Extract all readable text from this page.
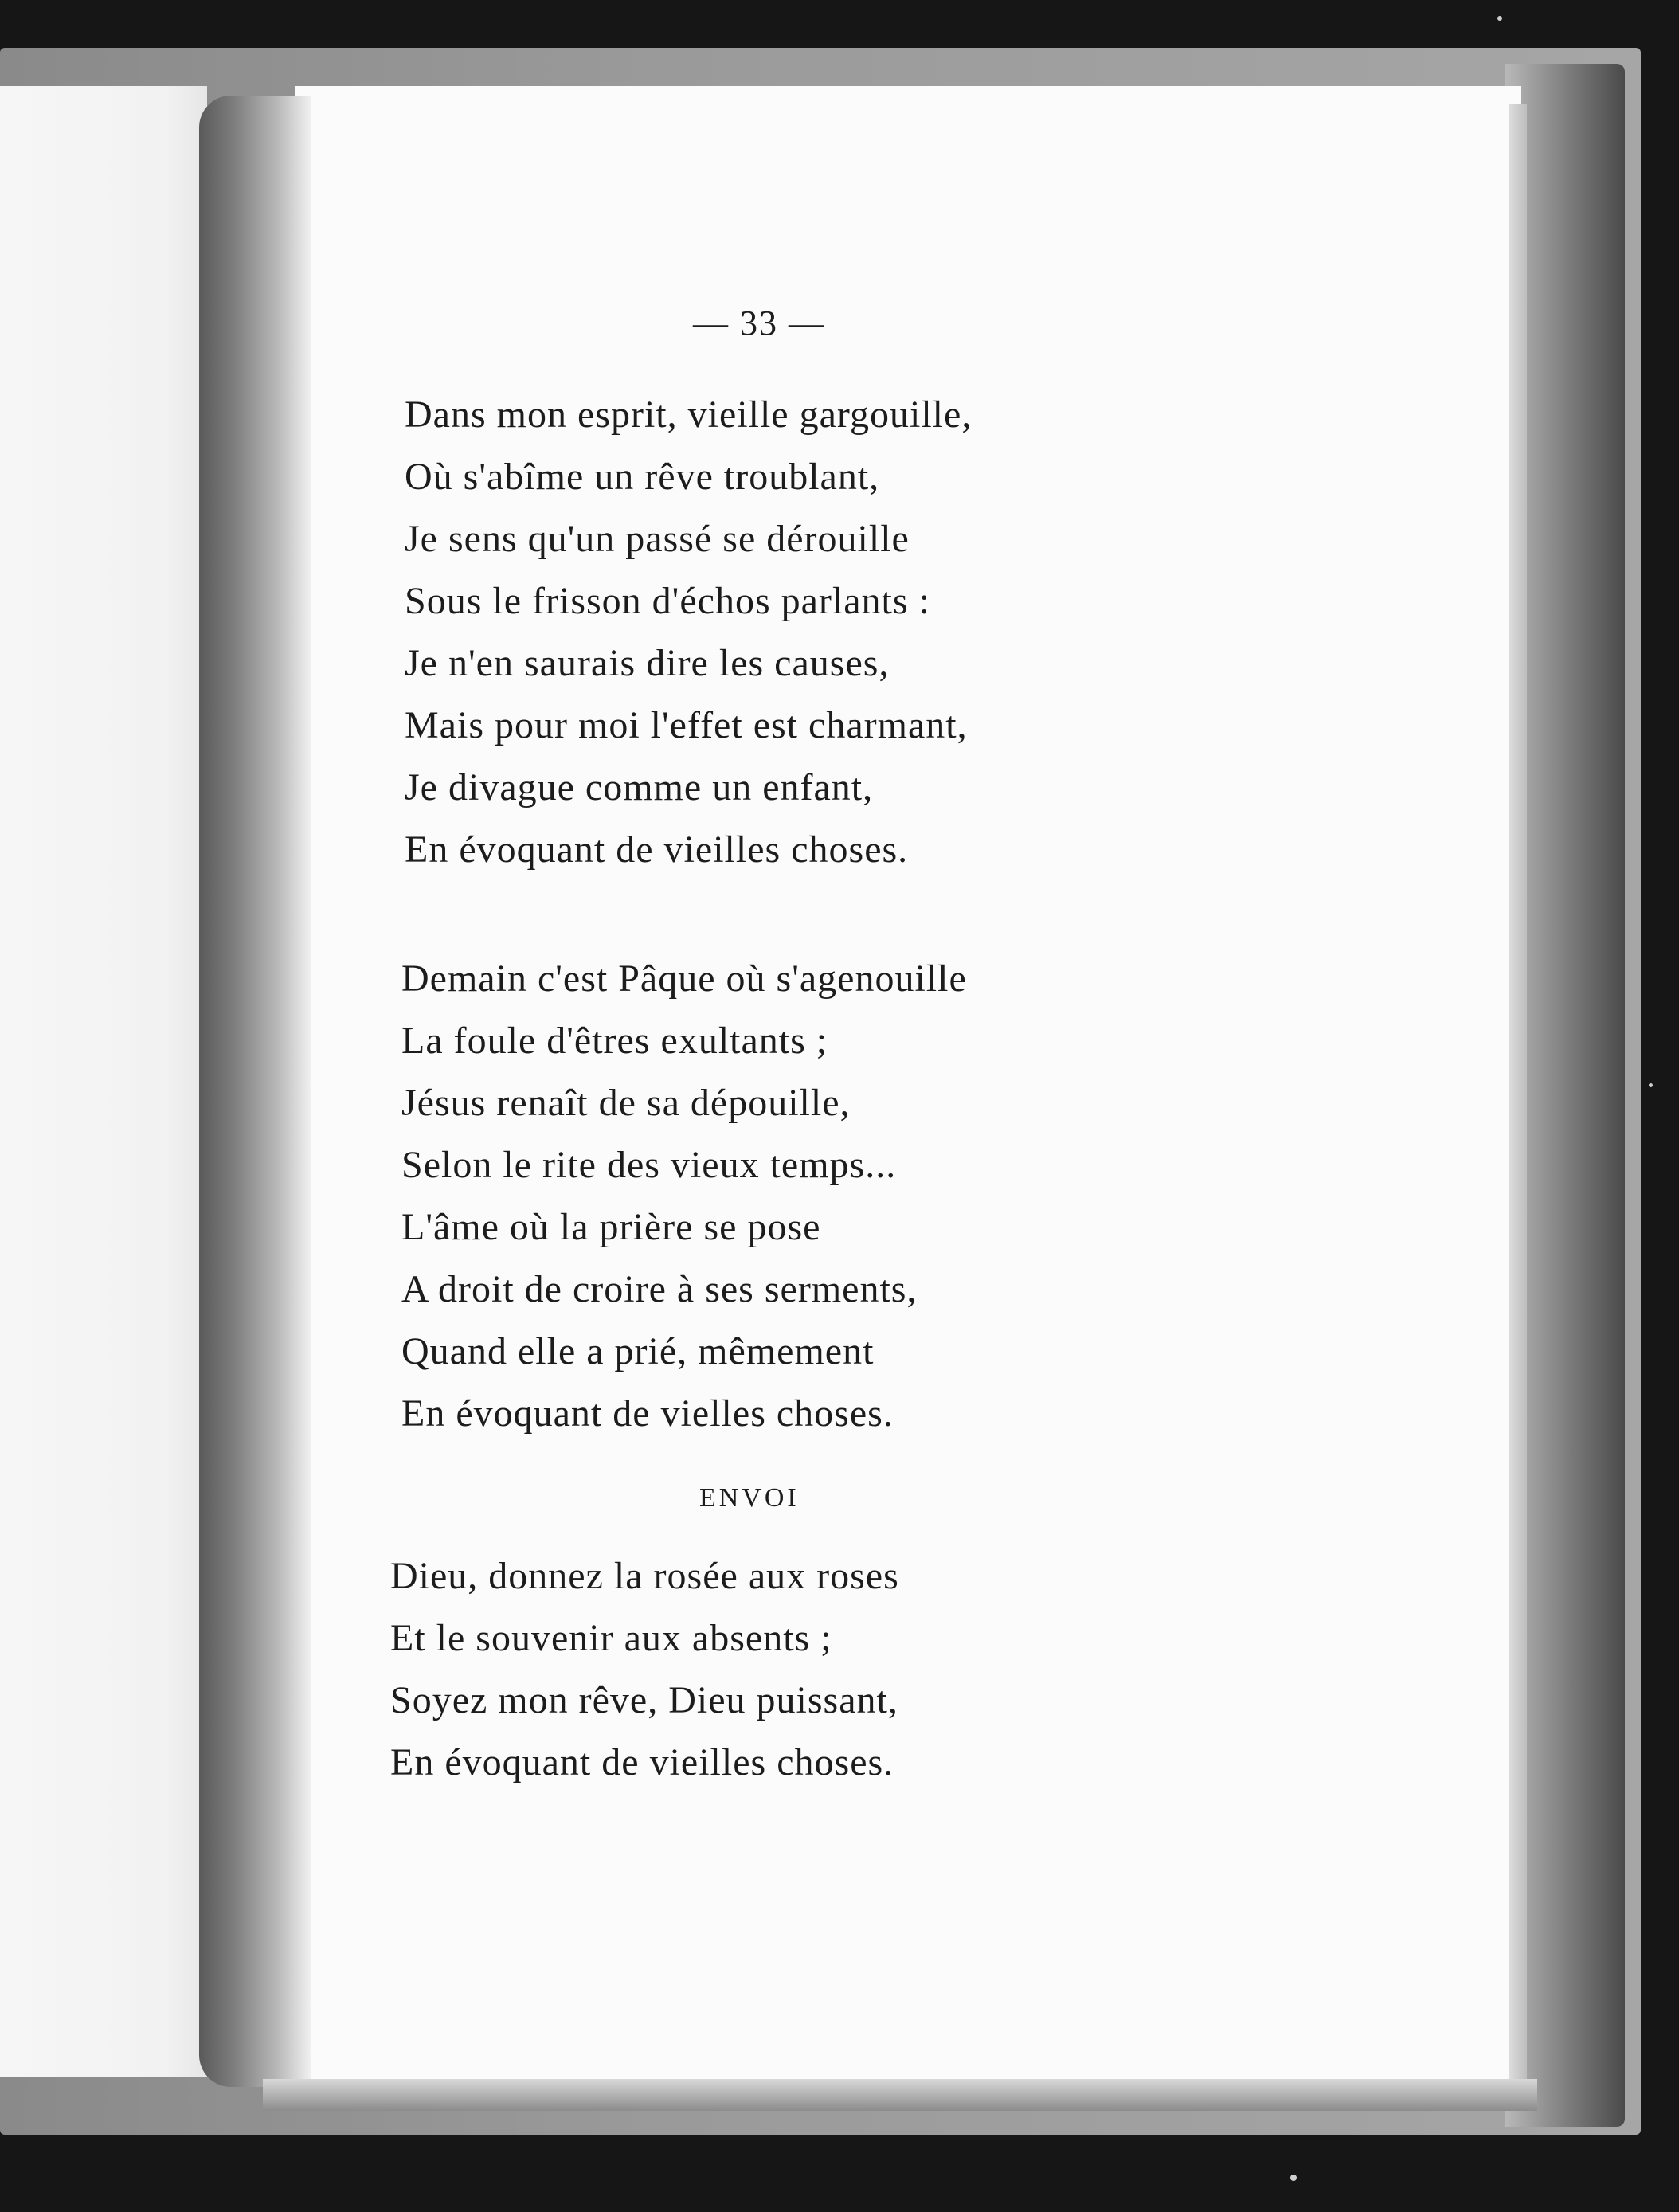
— 33 —
Dans mon esprit, vieille gargouille,
Où s'abîme un rêve troublant,
Je sens qu'un passé se dérouille
Sous le frisson d'échos parlants :
Je n'en saurais dire les causes,
Mais pour moi l'effet est charmant,
Je divague comme un enfant,
En évoquant de vieilles choses.
Demain c'est Pâque où s'agenouille
La foule d'êtres exultants ;
Jésus renaît de sa dépouille,
Selon le rite des vieux temps...
L'âme où la prière se pose
A droit de croire à ses serments,
Quand elle a prié, mêmement
En évoquant de vielles choses.
ENVOI
Dieu, donnez la rosée aux roses
Et le souvenir aux absents ;
Soyez mon rêve, Dieu puissant,
En évoquant de vieilles choses.
